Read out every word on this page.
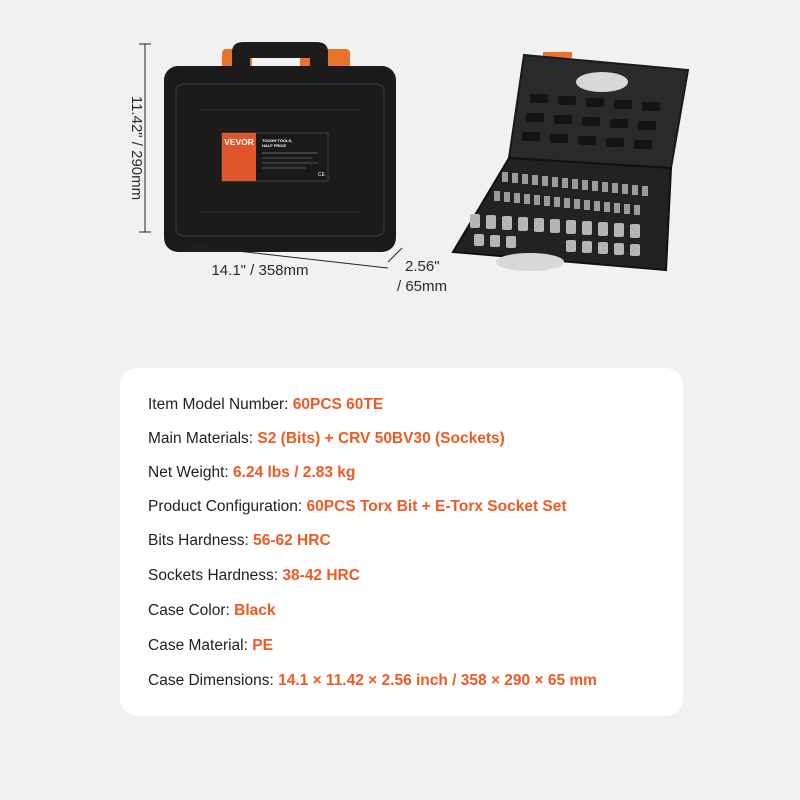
VEVOR TOUGH TOOLS,
HALF PRICE
CE
11.42" / 290mm
14.1" / 358mm	2.56"
/ 65mm
Item Model Number: 60PCS 60TE
Main Materials: S2 (Bits) + CRV 50BV30 (Sockets)
Net Weight: 6.24 lbs / 2.83 kg
Product Configuration: 60PCS Torx Bit + E-Torx Socket Set
Bits Hardness: 56-62 HRC
Sockets Hardness: 38-42 HRC
Case Color: Black
Case Material: PE
Case Dimensions: 14.1 × 11.42 × 2.56 inch / 358 × 290 × 65 mm
